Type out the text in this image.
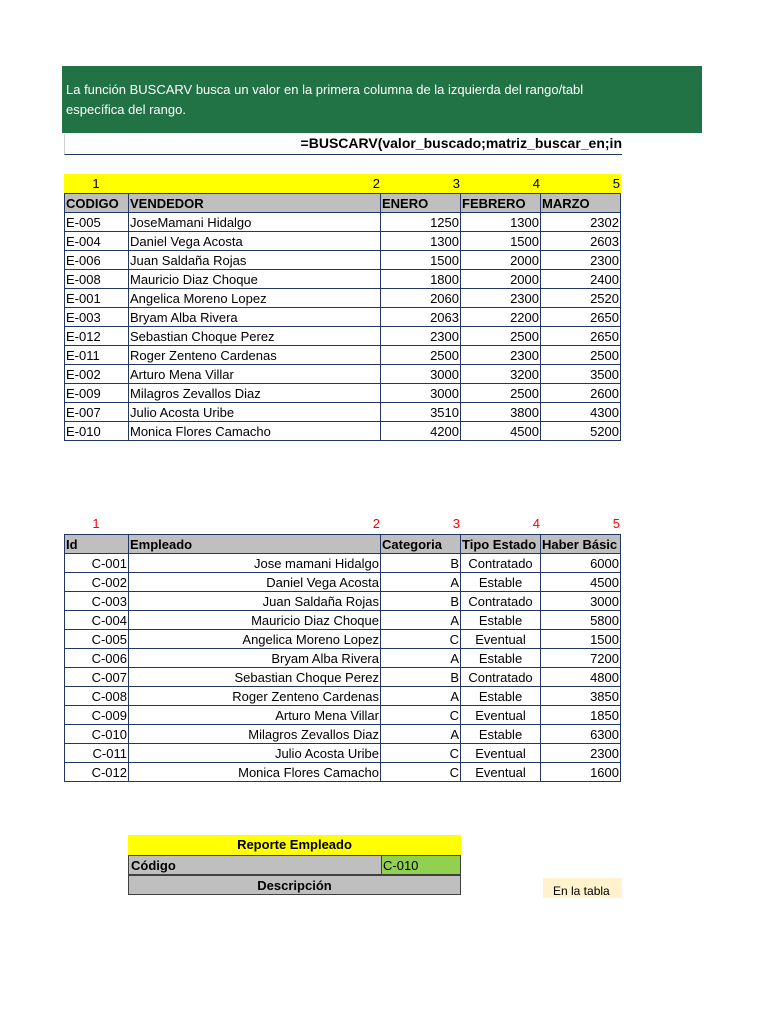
La función BUSCARV busca un valor en la primera columna de la izquierda del rango/tabl
específica del rango.
=BUSCARV(valor_buscado;matriz_buscar_en;in
1	2	3	4	5
CODIGO	VENDEDOR	ENERO	FEBRERO	MARZO
E-005	JoseMamani Hidalgo	1250	1300	2302
E-004	Daniel Vega Acosta	1300	1500	2603
E-006	Juan Saldaña Rojas	1500	2000	2300
E-008	Mauricio Diaz Choque	1800	2000	2400
E-001	Angelica Moreno Lopez	2060	2300	2520
E-003	Bryam Alba Rivera	2063	2200	2650
E-012	Sebastian Choque Perez	2300	2500	2650
E-011	Roger Zenteno Cardenas	2500	2300	2500
E-002	Arturo Mena Villar	3000	3200	3500
E-009	Milagros Zevallos Diaz	3000	2500	2600
E-007	Julio Acosta Uribe	3510	3800	4300
E-010	Monica Flores Camacho	4200	4500	5200
1	2	3	4	5
Id	Empleado	Categoria	Tipo Estado	Haber Básic
C-001	Jose mamani Hidalgo	B	Contratado	6000
C-002	Daniel Vega Acosta	A	Estable	4500
C-003	Juan Saldaña Rojas	B	Contratado	3000
C-004	Mauricio Diaz Choque	A	Estable	5800
C-005	Angelica Moreno Lopez	C	Eventual	1500
C-006	Bryam Alba Rivera	A	Estable	7200
C-007	Sebastian Choque Perez	B	Contratado	4800
C-008	Roger Zenteno Cardenas	A	Estable	3850
C-009	Arturo Mena Villar	C	Eventual	1850
C-010	Milagros Zevallos Diaz	A	Estable	6300
C-011	Julio Acosta Uribe	C	Eventual	2300
C-012	Monica Flores Camacho	C	Eventual	1600
Reporte Empleado
Código	C-010
Descripción	En la tabla
